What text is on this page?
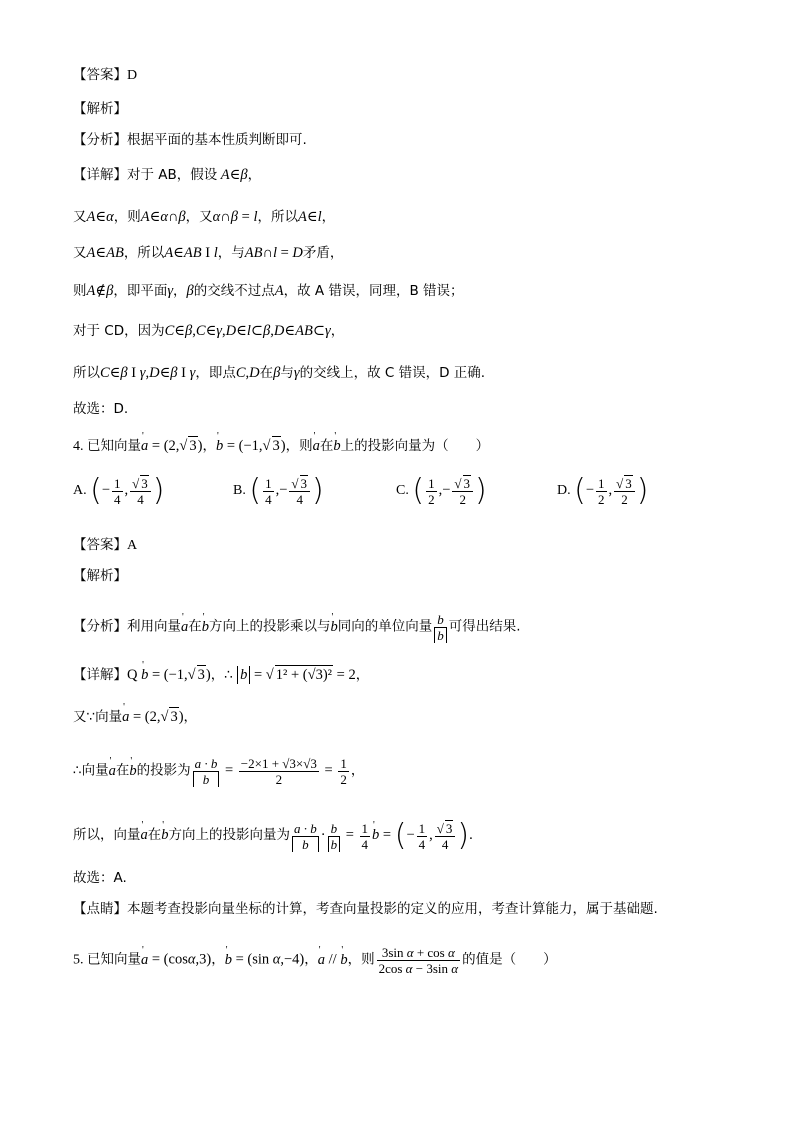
【答案】D
【解析】
【分析】根据平面的基本性质判断即可.
【详解】对于 AB，假设 A∈β，
又A∈α，则A∈α∩β，又α∩β = l，所以A∈l，
又A∈AB，所以A∈AB I l，与AB∩l = D矛盾，
则A∉β，即平面γ，β的交线不过点A，故 A 错误，同理，B 错误；
对于 CD，因为C∈β,C∈γ,D∈l⊂β,D∈AB⊂γ，
所以C∈β I γ,D∈β I γ，即点C,D在β与γ的交线上，故 C 错误，D 正确.
故选：D.
4. 已知向量' a = (2,√ 3)，' b = (−1,√ 3)，则' a在' b上的投影向量为（　　）
A. (− $\frac{1}{4}$ , $\frac{√ 3}{4}$ )	B. ( $\frac{1}{4}$ ,− $\frac{√ 3}{4}$ )	C. ( $\frac{1}{2}$ ,− $\frac{√ 3}{2}$ )	D. (− $\frac{1}{2}$ , $\frac{√ 3}{2}$ )
【答案】A
【解析】
【分析】利用向量' a在' b方向上的投影乘以与' b同向的单位向量 $\frac{b}{b}$ 可得出结果.
【详解】Q ' b = (−1,√ 3)，∴ b = √ 1² + (√3)² = 2，
又∵向量' a = (2,√ 3)，
∴向量' a在' b的投影为 $\frac{a \cdot b}{b} = \frac{-2\times 1 + √3\times√3}{2} = \frac{1}{2}$ ，
所以，向量' a在' b方向上的投影向量为 $\frac{a \cdot b}{b} \cdot \frac{b}{b} = \frac{1}{4}$
' b = (− $\frac{1}{4}$ , $\frac{√ 3}{4}$ ).
故选：A.
【点睛】本题考查投影向量坐标的计算，考查向量投影的定义的应用，考查计算能力，属于基础题.
5. 已知向量' a = (cosα,3)，' b = (sin α,−4)，' a // ' b，则 $\frac{\text{3sin α + cos α}}{\text{2cos α − 3sin α}}$ 的值是（　　）
